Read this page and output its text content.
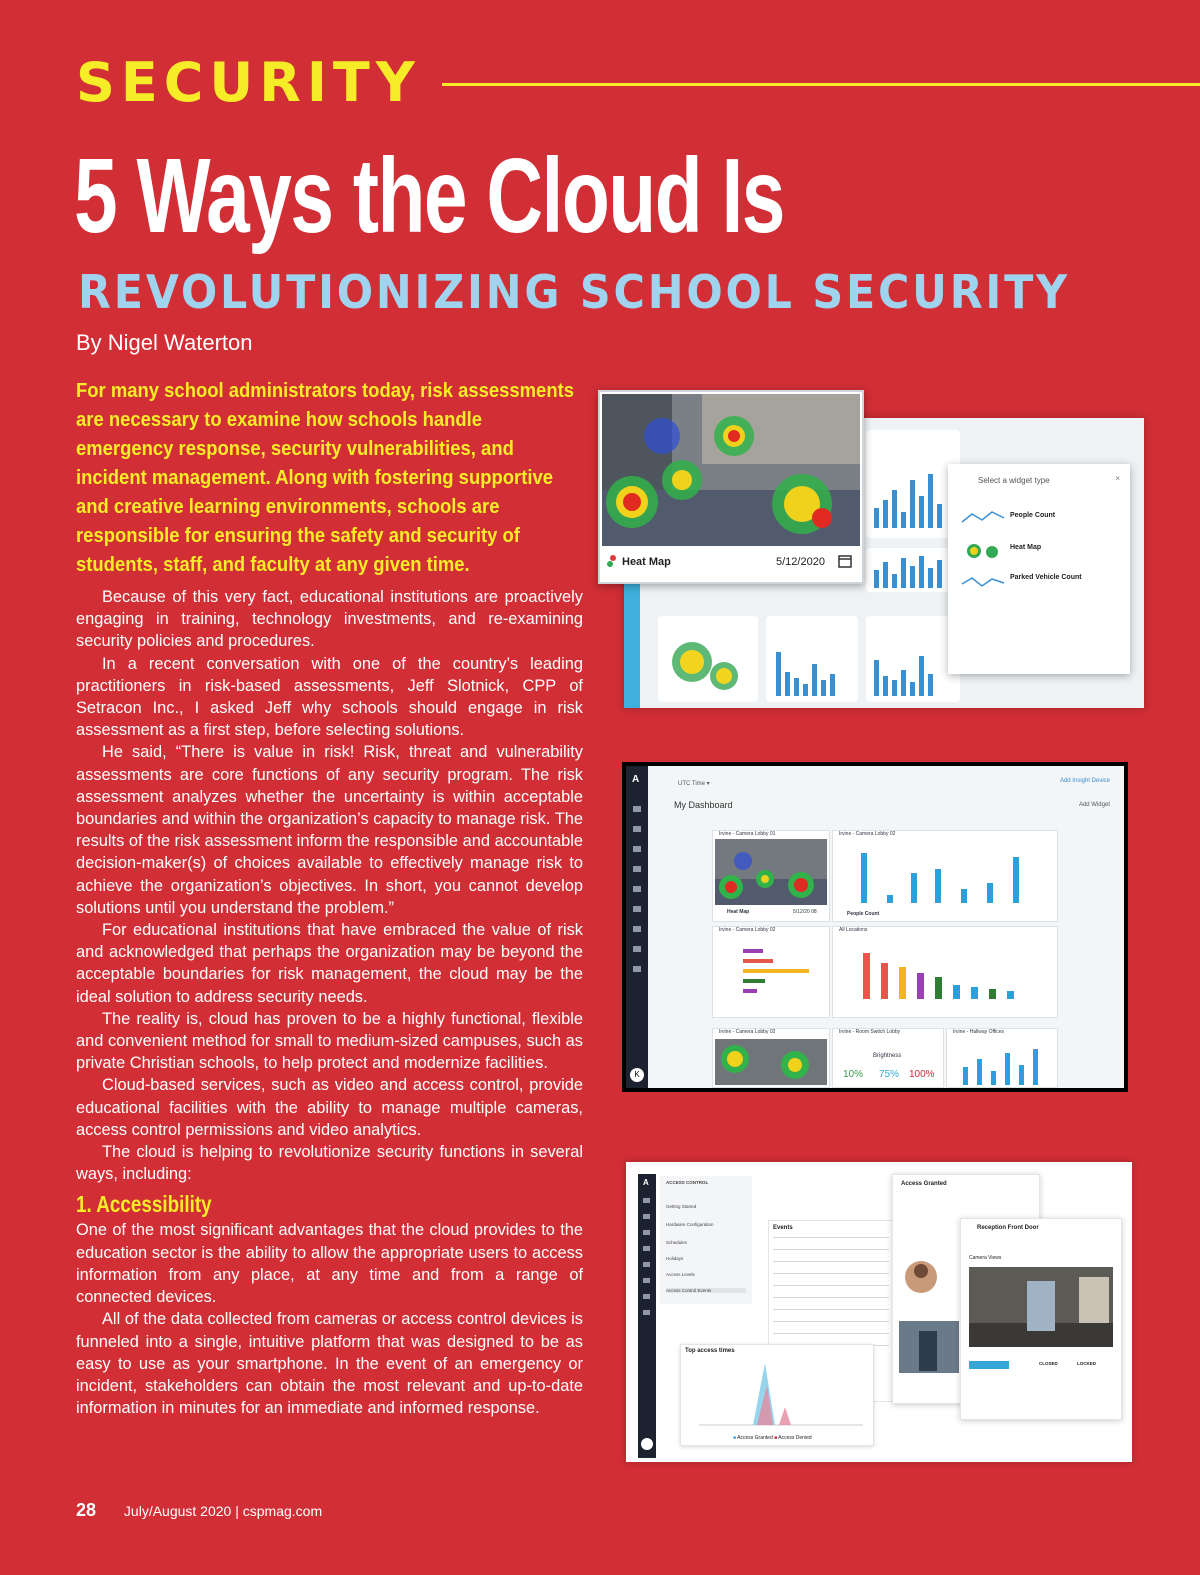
SECURITY
5 Ways the Cloud Is
REVOLUTIONIZING SCHOOL SECURITY
By Nigel Waterton
For many school administrators today, risk assessments are necessary to examine how schools handle emergency response, security vulnerabilities, and incident management. Along with fostering supportive and creative learning environments, schools are responsible for ensuring the safety and security of students, staff, and faculty at any given time.

Because of this very fact, educational institutions are proactively engaging in training, technology investments, and re-examining security policies and procedures.

In a recent conversation with one of the country’s leading practitioners in risk-based assessments, Jeff Slotnick, CPP of Setracon Inc., I asked Jeff why schools should engage in risk assessment as a first step, before selecting solutions.

He said, “There is value in risk! Risk, threat and vulnerability assessments are core functions of any security program. The risk assessment analyzes whether the uncertainty is within acceptable boundaries and within the organization’s capacity to manage risk. The results of the risk assessment inform the responsible and accountable decision-maker(s) of choices available to effectively manage risk to achieve the organization’s objectives. In short, you cannot develop solutions until you understand the problem.”

For educational institutions that have embraced the value of risk and acknowledged that perhaps the organization may be beyond the acceptable boundaries for risk management, the cloud may be the ideal solution to address security needs.

The reality is, cloud has proven to be a highly functional, flexible and convenient method for small to medium-sized campuses, such as private Christian schools, to help protect and modernize facilities.

Cloud-based services, such as video and access control, provide educational facilities with the ability to manage multiple cameras, access control permissions and video analytics.

The cloud is helping to revolutionize security functions in several ways, including:

1. Accessibility

One of the most significant advantages that the cloud provides to the education sector is the ability to allow the appropriate users to access information from any place, at any time and from a range of connected devices.

All of the data collected from cameras or access control devices is funneled into a single, intuitive platform that was designed to be as easy to use as your smartphone. In the event of an emergency or incident, stakeholders can obtain the most relevant and up-to-date information in minutes for an immediate and informed response.

28 July/August 2020 | cspmag.com
Heat Map	5/12/2020
Select a widget type	×
People Count
Heat Map
Parked Vehicle Count
A
K
UTC Time ▾
My Dashboard
Add Insight Device
Add Widget
Irvine - Camera Lobby 01
Heat Map	5/12/20 08
Irvine - Camera Lobby 02
People Count
Irvine - Camera Lobby 02	All Locations
Irvine - Camera Lobby 02	Irvine - Room Switch Lobby
Brightness
10% 75% 100%
Irvine - Hallway Offices
A	ACCESS CONTROL
Getting Started
Hardware Configuration
Schedules
Holidays
Access Levels
Access Control Events
Events
Top access times
■ Access Granted ■ Access Denied
Access Granted
Reception Front Door
Camera Views
CLOSED	LOCKED
